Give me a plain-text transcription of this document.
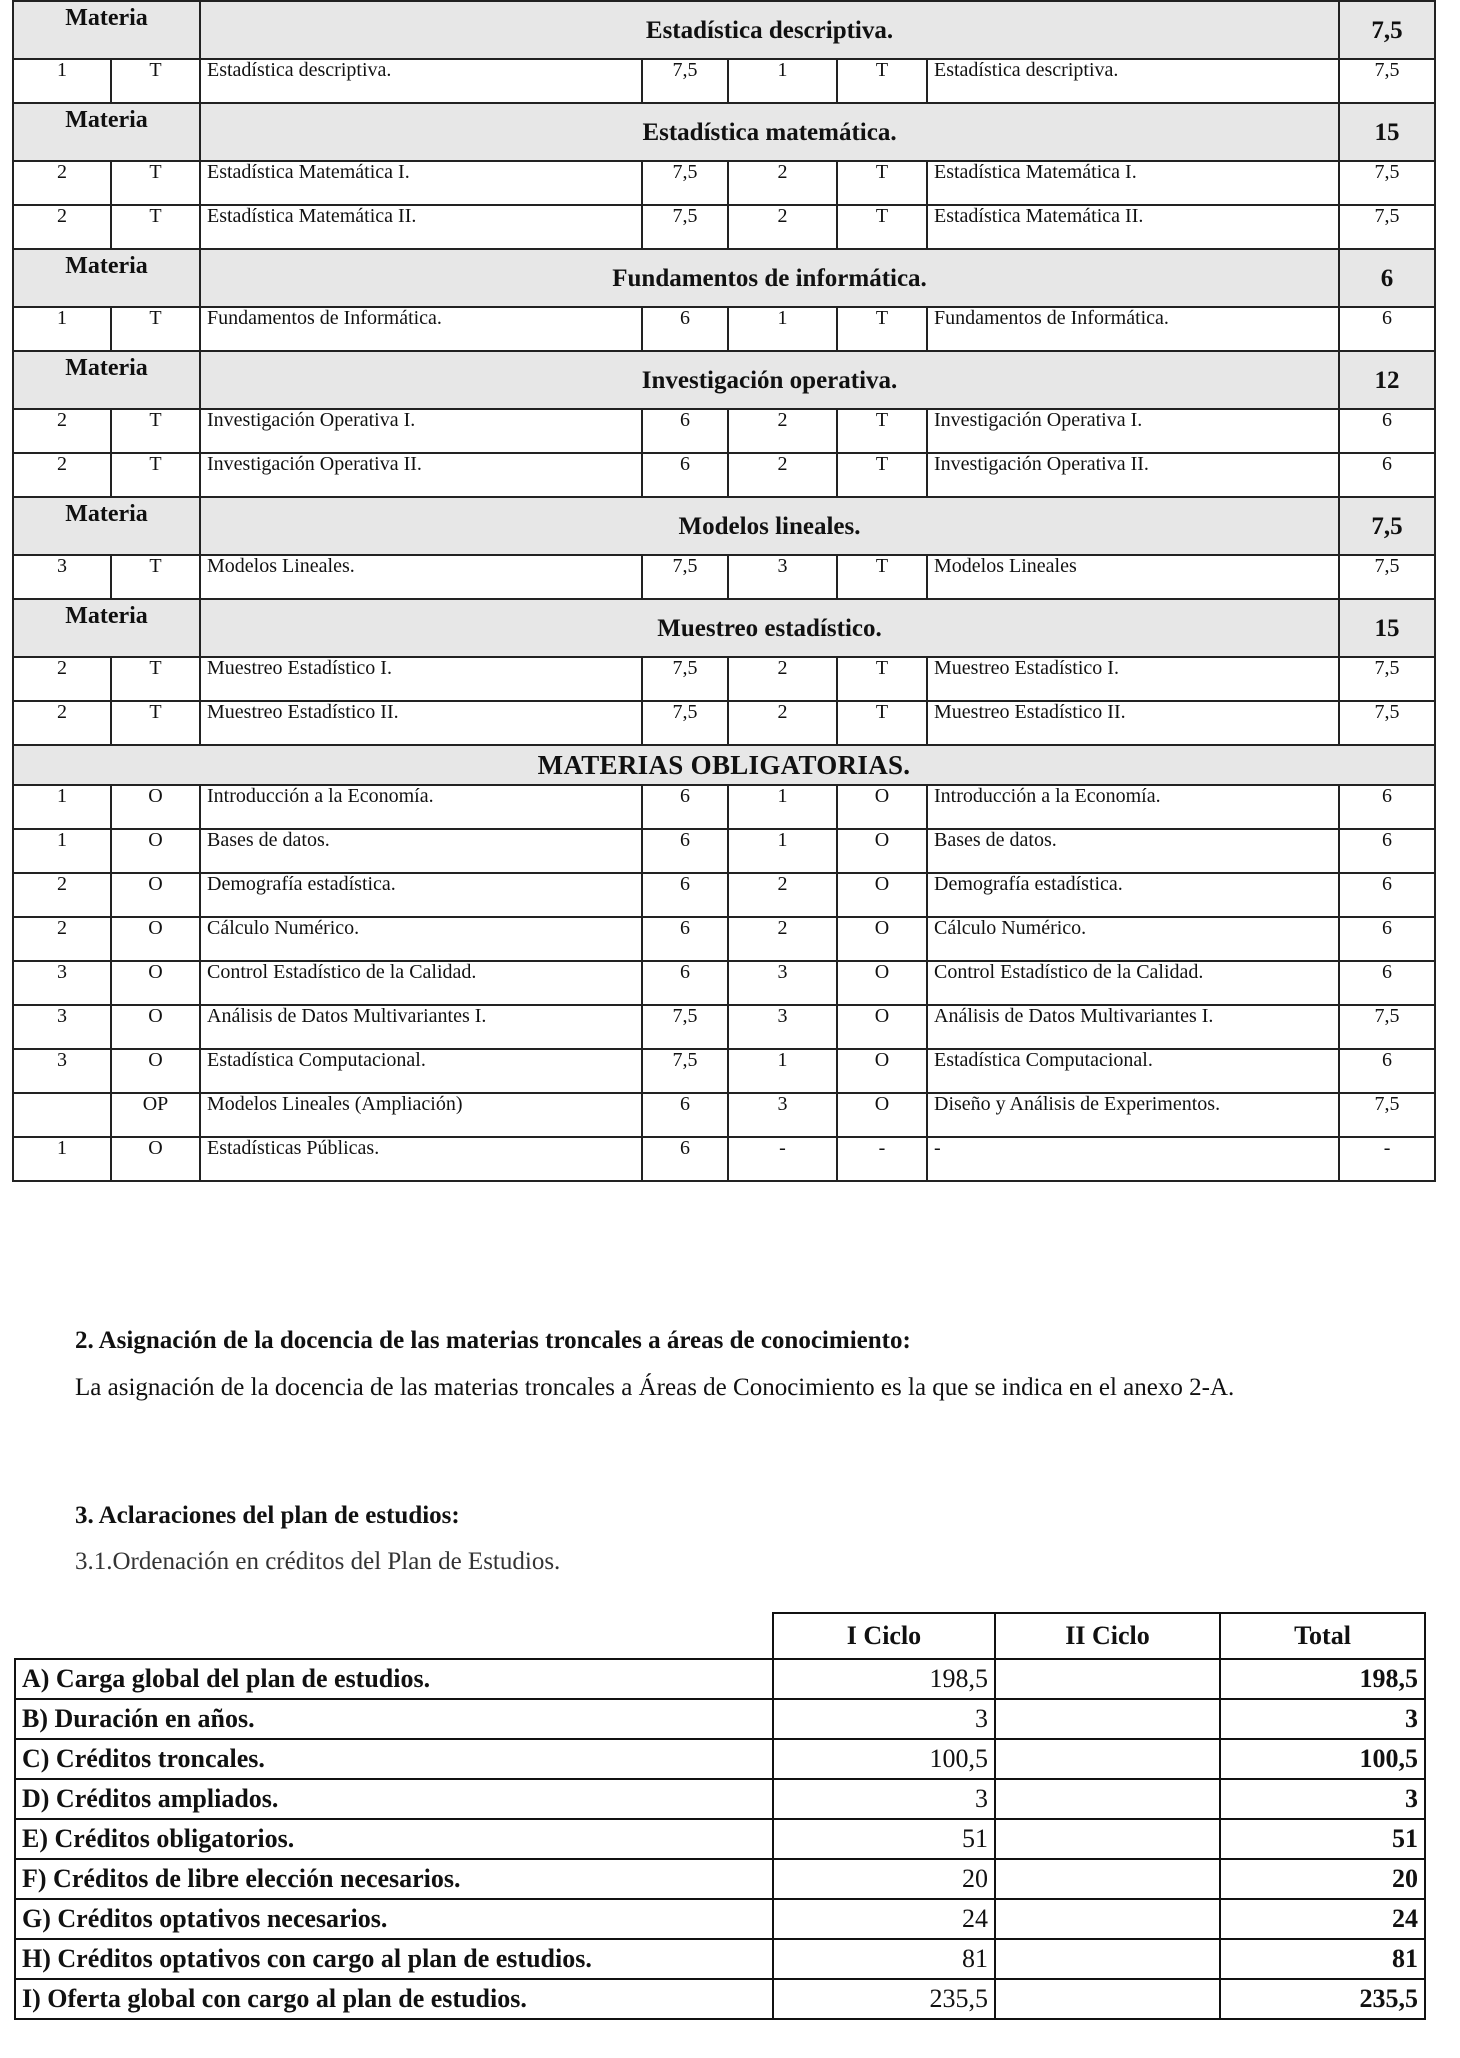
Materia		Estadística descriptiva.					7,5
1	T	Estadística descriptiva.	7,5	1	T	Estadística descriptiva.	7,5
Materia		Estadística matemática.					15
2	T	Estadística Matemática I.	7,5	2	T	Estadística Matemática I.	7,5
2	T	Estadística Matemática II.	7,5	2	T	Estadística Matemática II.	7,5
Materia		Fundamentos de informática.					6
1	T	Fundamentos de Informática.	6	1	T	Fundamentos de Informática.	6
Materia		Investigación operativa.					12
2	T	Investigación Operativa I.	6	2	T	Investigación Operativa I.	6
2	T	Investigación Operativa II.	6	2	T	Investigación Operativa II.	6
Materia		Modelos lineales.					7,5
3	T	Modelos Lineales.	7,5	3	T	Modelos Lineales	7,5
Materia		Muestreo estadístico.					15
2	T	Muestreo Estadístico I.	7,5	2	T	Muestreo Estadístico I.	7,5
2	T	Muestreo Estadístico II.	7,5	2	T	Muestreo Estadístico II.	7,5
MATERIAS OBLIGATORIAS.							
1	O	Introducción a la Economía.	6	1	O	Introducción a la Economía.	6
1	O	Bases de datos.	6	1	O	Bases de datos.	6
2	O	Demografía estadística.	6	2	O	Demografía estadística.	6
2	O	Cálculo Numérico.	6	2	O	Cálculo Numérico.	6
3	O	Control Estadístico de la Calidad.	6	3	O	Control Estadístico de la Calidad.	6
3	O	Análisis de Datos Multivariantes I.	7,5	3	O	Análisis de Datos Multivariantes I.	7,5
3	O	Estadística Computacional.	7,5	1	O	Estadística Computacional.	6
	OP	Modelos Lineales (Ampliación)	6	3	O	Diseño y Análisis de Experimentos.	7,5
1	O	Estadísticas Públicas.	6	-	-	-	-
2. Asignación de la docencia de las materias troncales a áreas de conocimiento:
La asignación de la docencia de las materias troncales a Áreas de Conocimiento es la que se indica en el anexo 2-A.
3. Aclaraciones del plan de estudios:
3.1.Ordenación en créditos del Plan de Estudios.
	I Ciclo	II Ciclo	Total
A) Carga global del plan de estudios.	198,5		198,5
B) Duración en años.	3		3
C) Créditos troncales.	100,5		100,5
D) Créditos ampliados.	3		3
E) Créditos obligatorios.	51		51
F) Créditos de libre elección necesarios.	20		20
G) Créditos optativos necesarios.	24		24
H) Créditos optativos con cargo al plan de estudios.	81		81
I) Oferta global con cargo al plan de estudios.	235,5		235,5
